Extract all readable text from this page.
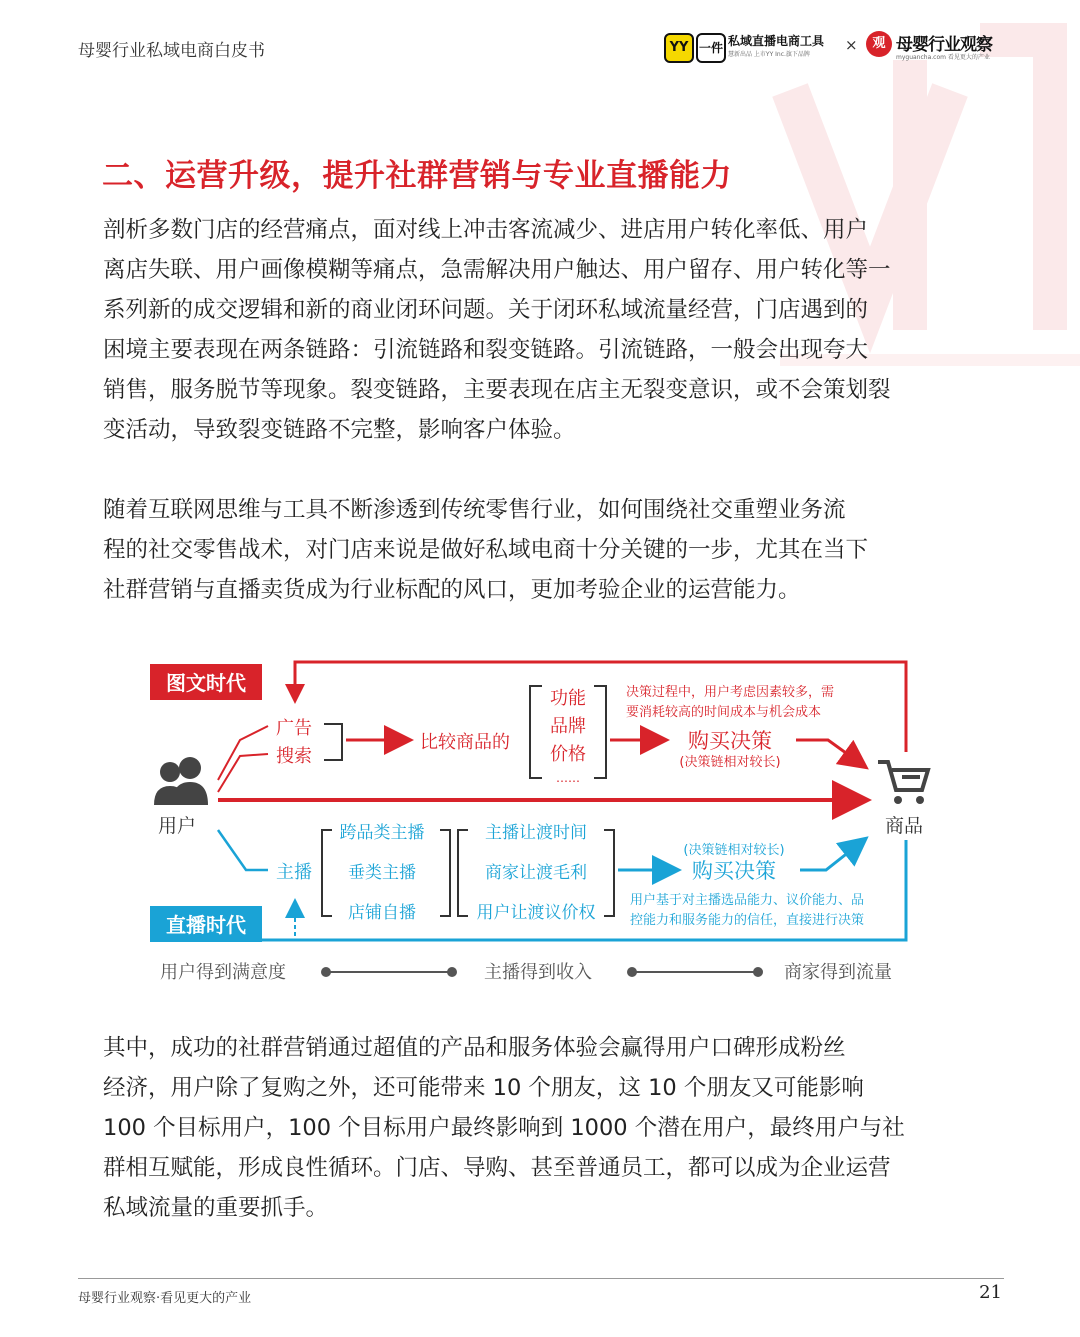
母婴行业私域电商白皮书	YY 一件 私域直播电商工具
慧新出品 上市YY Inc.旗下品牌
×	观 母婴行业观察
myguancha.com 看见更大的产业
二、运营升级，提升社群营销与专业直播能力
剖析多数门店的经营痛点，面对线上冲击客流减少、进店用户转化率低、用户
离店失联、用户画像模糊等痛点，急需解决用户触达、用户留存、用户转化等一
系列新的成交逻辑和新的商业闭环问题。关于闭环私域流量经营，门店遇到的
困境主要表现在两条链路：引流链路和裂变链路。引流链路，一般会出现夸大
销售，服务脱节等现象。裂变链路，主要表现在店主无裂变意识，或不会策划裂
变活动，导致裂变链路不完整，影响客户体验。
随着互联网思维与工具不断渗透到传统零售行业，如何围绕社交重塑业务流
程的社交零售战术，对门店来说是做好私域电商十分关键的一步，尤其在当下
社群营销与直播卖货成为行业标配的风口，更加考验企业的运营能力。
图文时代
直播时代
用户	商品
广告
搜索
比较商品的
功能
品牌
价格
……
决策过程中，用户考虑因素较多，需
要消耗较高的时间成本与机会成本
购买决策
(决策链相对较长)
主播
跨品类主播
垂类主播
店铺自播
主播让渡时间
商家让渡毛利
用户让渡议价权
(决策链相对较长)
购买决策
用户基于对主播选品能力、议价能力、品
控能力和服务能力的信任，直接进行决策
用户得到满意度	主播得到收入	商家得到流量
其中，成功的社群营销通过超值的产品和服务体验会赢得用户口碑形成粉丝
经济，用户除了复购之外，还可能带来 10 个朋友，这 10 个朋友又可能影响
100 个目标用户，100 个目标用户最终影响到 1000 个潜在用户，最终用户与社
群相互赋能，形成良性循环。门店、导购、甚至普通员工，都可以成为企业运营
私域流量的重要抓手。
母婴行业观察·看见更大的产业	21
